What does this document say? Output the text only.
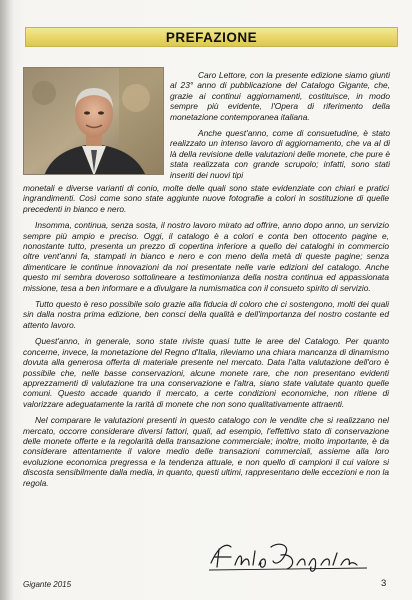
PREFAZIONE

Caro Lettore, con la presente edizione siamo giunti al 23° anno di pubblicazione del Catalogo Gigante, che, grazie ai continui aggiornamenti, costituisce, in modo sempre più evidente, l'Opera di riferimento della monetazione contemporanea italiana.

Anche quest'anno, come di consuetudine, è stato realizzato un intenso lavoro di aggiornamento, che va al di là della revisione delle valutazioni delle monete, che pure è stata realizzata con grande scrupolo; infatti, sono stati inseriti dei nuovi tipi

monetali e diverse varianti di conio, molte delle quali sono state evidenziate con chiari e pratici ingrandimenti. Così come sono state aggiunte nuove fotografie a colori in sostituzione di quelle precedenti in bianco e nero.

Insomma, continua, senza sosta, il nostro lavoro mirato ad offrire, anno dopo anno, un servizio sempre più ampio e preciso. Oggi, il catalogo è a colori e conta ben ottocento pagine e, nonostante tutto, presenta un prezzo di copertina inferiore a quello dei cataloghi in commercio oltre vent'anni fa, stampati in bianco e nero e con meno della metà di queste pagine; senza dimenticare le continue innovazioni da noi presentate nelle varie edizioni del catalogo. Anche questo mi sembra doveroso sottolineare a testimonianza della nostra continua ed appassionata missione, tesa a ben informare e a divulgare la numismatica con il consueto spirito di servizio.

Tutto questo è reso possibile solo grazie alla fiducia di coloro che ci sostengono, molti dei quali sin dalla nostra prima edizione, ben consci della qualità e dell'importanza del nostro costante ed attento lavoro.

Quest'anno, in generale, sono state riviste quasi tutte le aree del Catalogo. Per quanto concerne, invece, la monetazione del Regno d'Italia, rileviamo una chiara mancanza di dinamismo dovuta alla generosa offerta di materiale presente nel mercato. Data l'alta valutazione dell'oro è possibile che, nelle basse conservazioni, alcune monete rare, che non presentano evidenti apprezzamenti di valutazione tra una conservazione e l'altra, siano state valutate quanto quelle comuni. Questo accade quando il mercato, a certe condizioni economiche, non ritiene di valorizzare adeguatamente la rarità di monete che non sono qualitativamente attraenti.

Nel comparare le valutazioni presenti in questo catalogo con le vendite che si realizzano nel mercato, occorre considerare diversi fattori, quali, ad esempio, l'effettivo stato di conservazione delle monete offerte e la regolarità della transazione commerciale; inoltre, molto importante, è da considerare attentamente il valore medio delle transazioni commerciali, assieme alla loro evoluzione economica pregressa e la tendenza attuale, e non quello di campioni il cui valore si discosta sensibilmente dalla media, in quanto, questi ultimi, rappresentano delle eccezioni e non la regola.

Gigante 2015	3
